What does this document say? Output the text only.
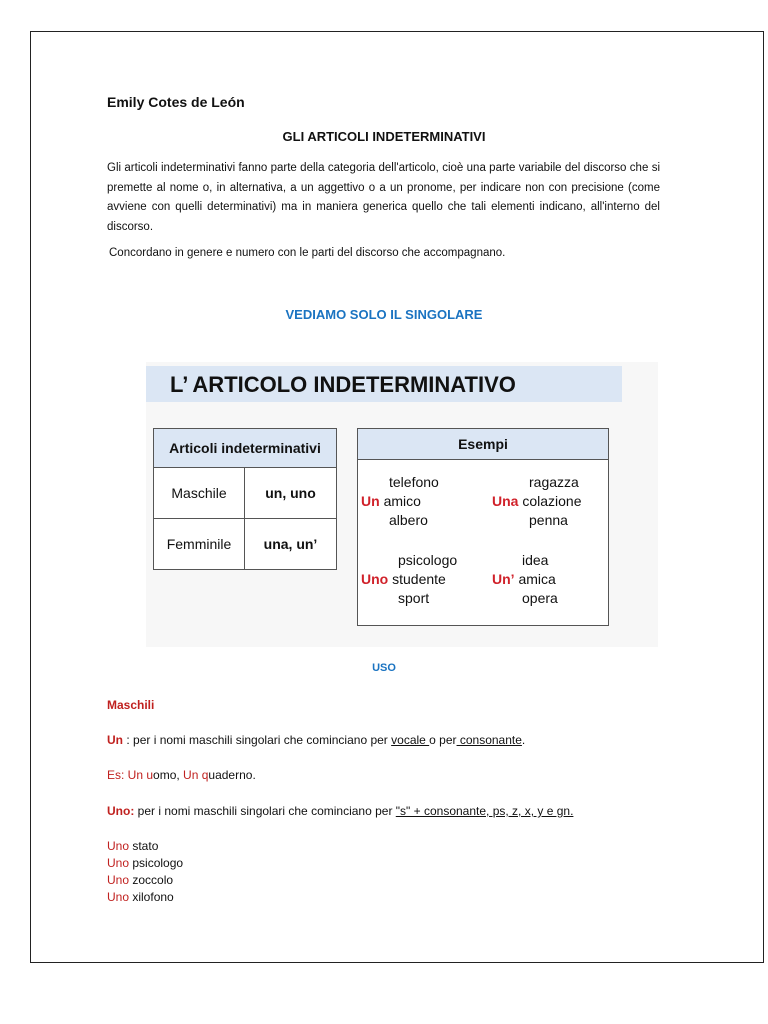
Emily Cotes de León
GLI ARTICOLI INDETERMINATIVI
Gli articoli indeterminativi fanno parte della categoria dell'articolo, cioè una parte variabile del discorso che si premette al nome o, in alternativa, a un aggettivo o a un pronome, per indicare non con precisione (come avviene con quelli determinativi) ma in maniera generica quello che tali elementi indicano, all'interno del discorso.
Concordano in genere e numero con le parti del discorso che accompagnano.
VEDIAMO SOLO IL SINGOLARE
L’ ARTICOLO INDETERMINATIVO
Articoli indeterminativi	
Maschile	un, uno
Femminile	una, un’
Esempi
telefono
Un amico
albero
ragazza
Una colazione
penna
psicologo
Uno studente
sport
idea
Un’ amica
opera
USO
Maschili
Un : per i nomi maschili singolari che cominciano per vocale o per consonante.
Es: Un uomo, Un quaderno.
Uno: per i nomi maschili singolari che cominciano per "s" + consonante, ps, z, x, y e gn.
Uno stato
Uno psicologo
Uno zoccolo
Uno xilofono
